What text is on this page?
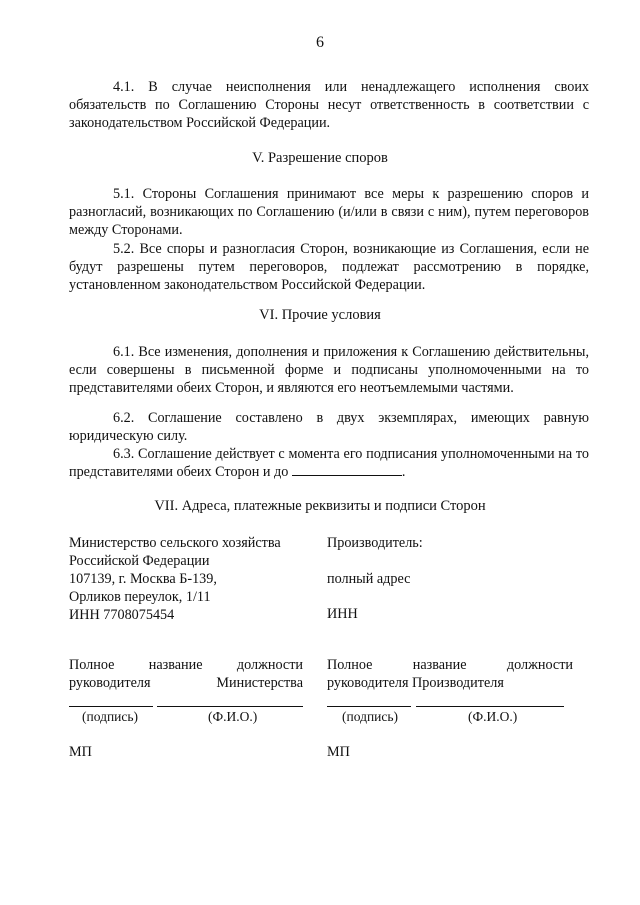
6
4.1. В случае неисполнения или ненадлежащего исполнения своих обязательств по Соглашению Стороны несут ответственность в соответствии с законодательством Российской Федерации.
V. Разрешение споров
5.1. Стороны Соглашения принимают все меры к разрешению споров и разногласий, возникающих по Соглашению (и/или в связи с ним), путем переговоров между Сторонами.
5.2. Все споры и разногласия Сторон, возникающие из Соглашения, если не будут разрешены путем переговоров, подлежат рассмотрению в порядке, установленном законодательством Российской Федерации.
VI. Прочие условия
6.1. Все изменения, дополнения и приложения к Соглашению действительны, если совершены в письменной форме и подписаны уполномоченными на то представителями обеих Сторон, и являются его неотъемлемыми частями.
6.2. Соглашение составлено в двух экземплярах, имеющих равную юридическую силу.
6.3. Соглашение действует с момента его подписания уполномоченными на то представителями обеих Сторон и до	.
VII. Адреса, платежные реквизиты и подписи Сторон
Министерство сельского хозяйства
Российской Федерации
107139, г. Москва Б-139,
Орликов переулок, 1/11
ИНН 7708075454
Производитель:
полный адрес
ИНН
Полное название должности
руководителя Министерства
(подпись)	(Ф.И.О.)
МП
Полное название должности
руководителя Производителя
(подпись)	(Ф.И.О.)
МП
